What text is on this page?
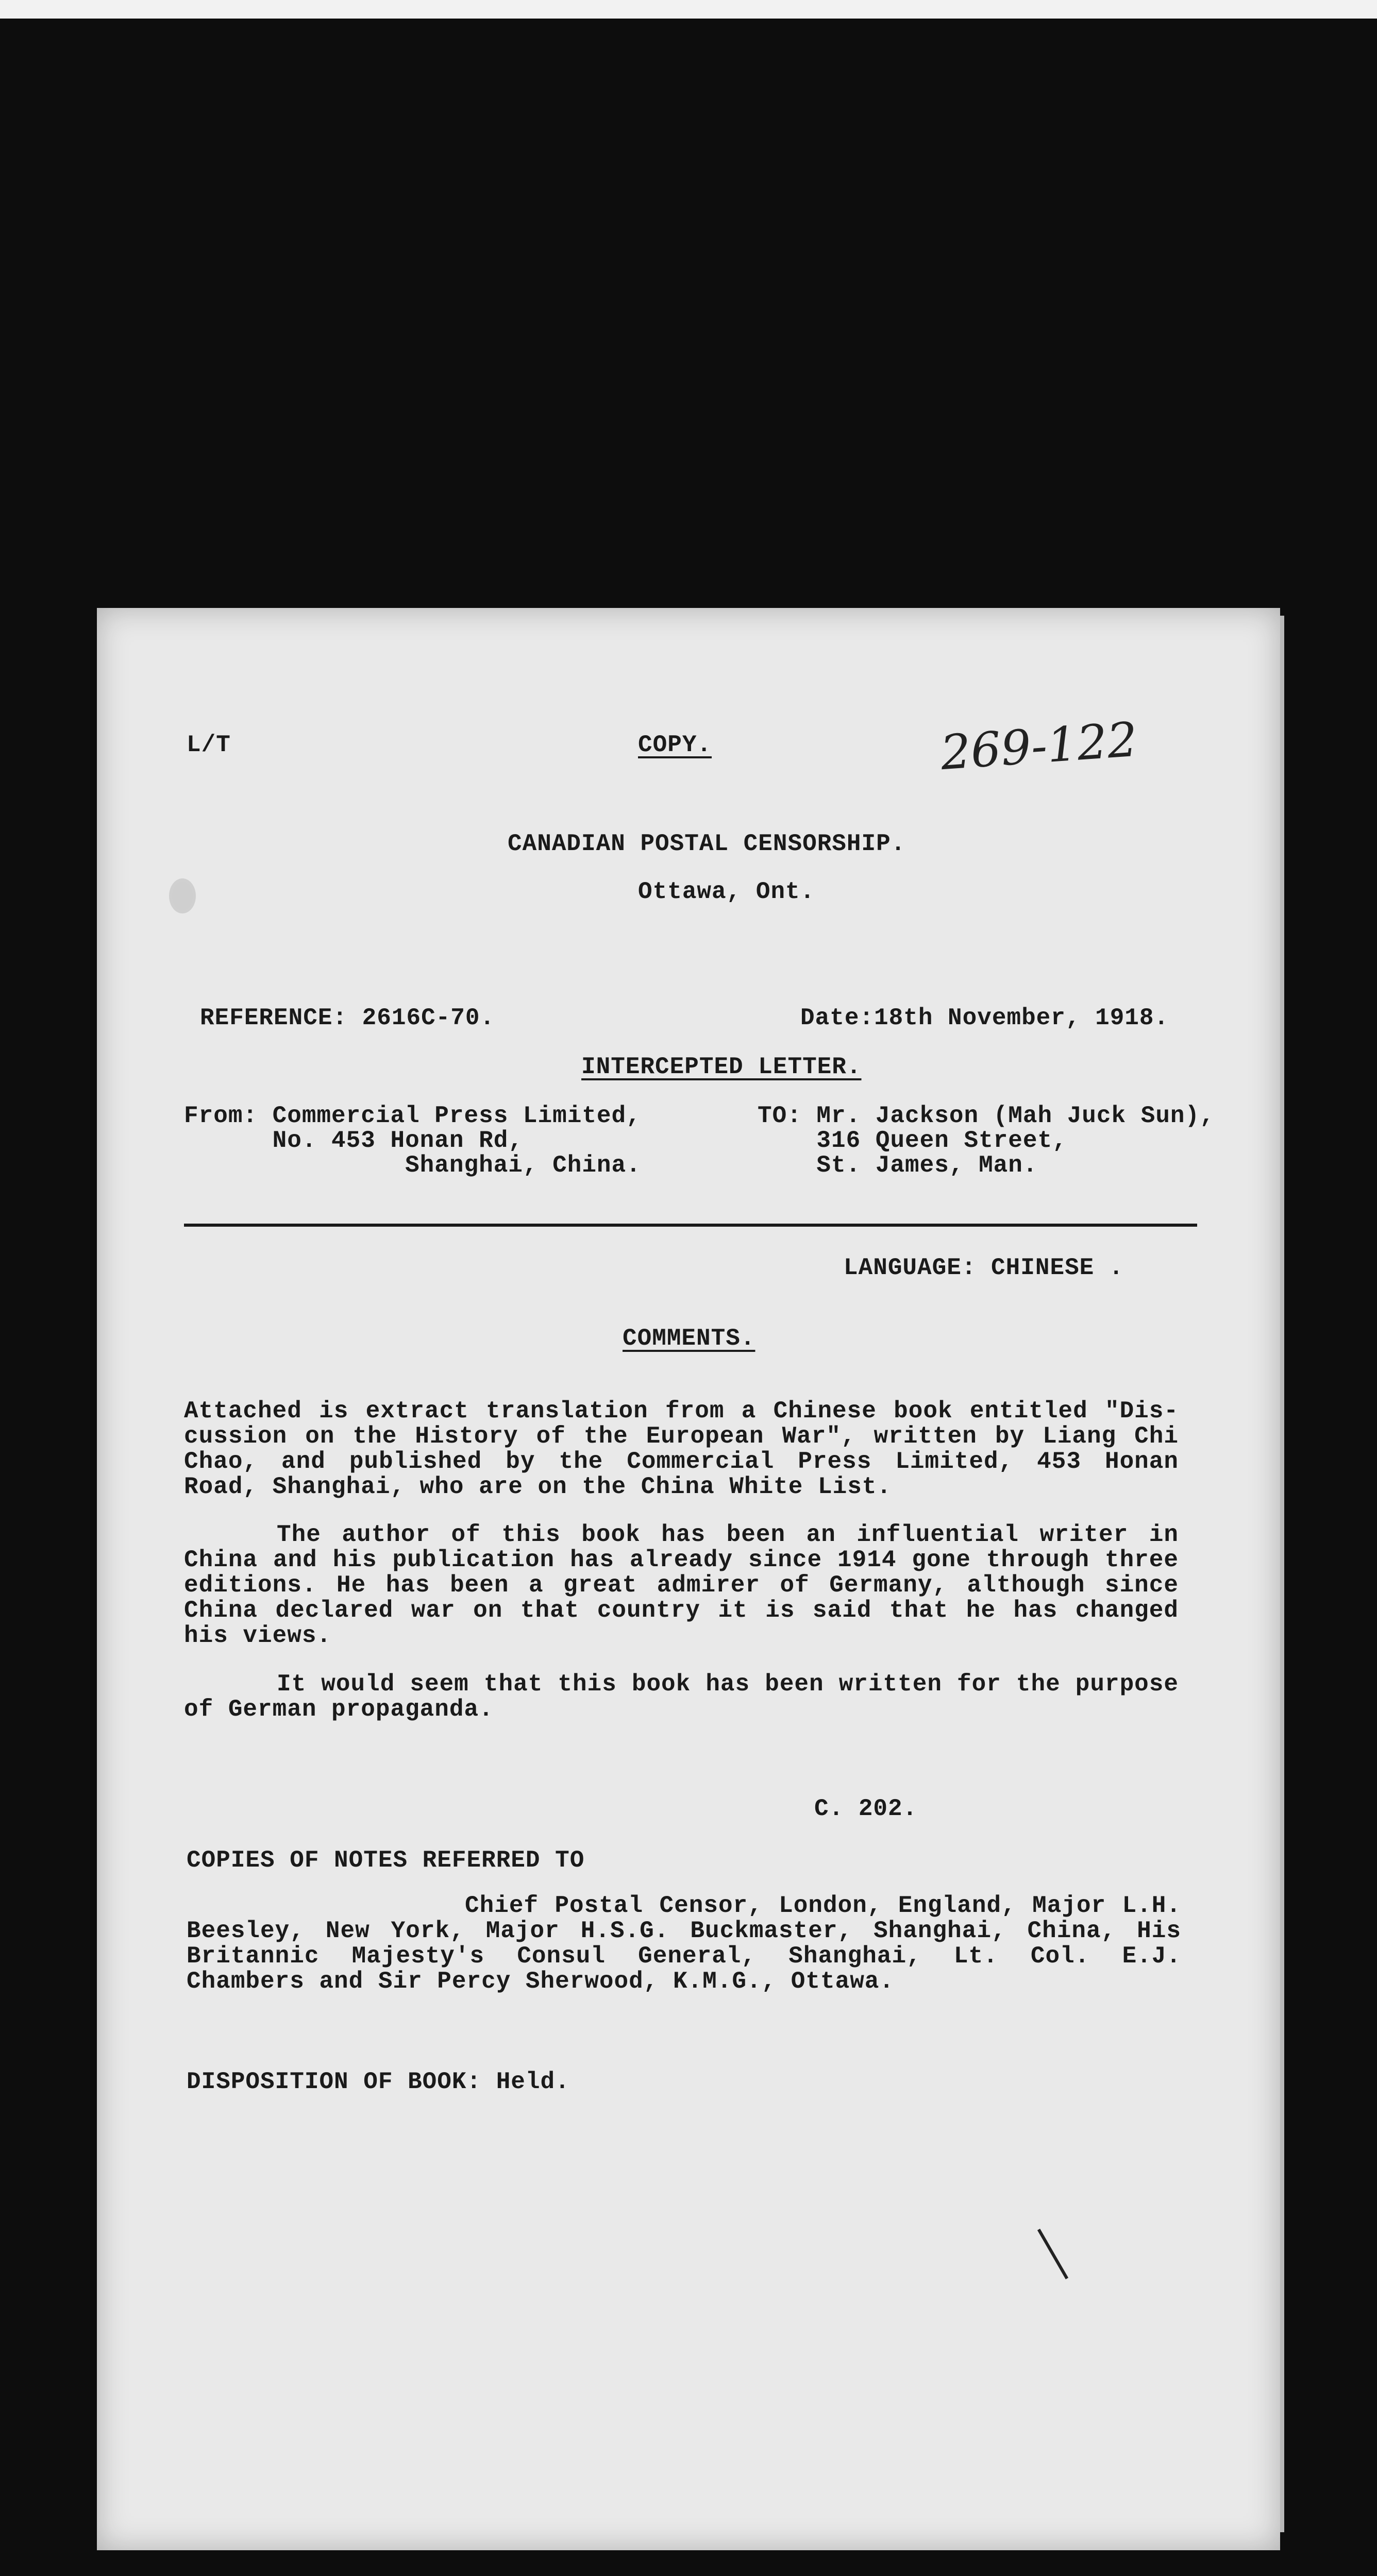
L/T	COPY.	269-122
CANADIAN POSTAL CENSORSHIP.
Ottawa, Ont.
REFERENCE: 2616C-70.	Date:18th November, 1918.
INTERCEPTED LETTER.
From: Commercial Press Limited,
No. 453 Honan Rd,
Shanghai, China.
TO: Mr. Jackson (Mah Juck Sun),
316 Queen Street,
St. James, Man.
LANGUAGE: CHINESE .
COMMENTS.
Attached is extract translation from a Chinese book entitled "Dis-cussion on the History of the European War", written by Liang Chi Chao, and published by the Commercial Press Limited, 453 Honan Road, Shanghai, who are on the China White List.
The author of this book has been an influential writer in China and his publication has already since 1914 gone through three editions. He has been a great admirer of Germany, although since China declared war on that country it is said that he has changed his views.
It would seem that this book has been written for the purpose of German propaganda.
C. 202.
COPIES OF NOTES REFERRED TO
Chief Postal Censor, London, England, Major L.H. Beesley, New York, Major H.S.G. Buckmaster, Shanghai, China, His Britannic Majesty's Consul General, Shanghai, Lt. Col. E.J. Chambers and Sir Percy Sherwood, K.M.G., Ottawa.
DISPOSITION OF BOOK: Held.
